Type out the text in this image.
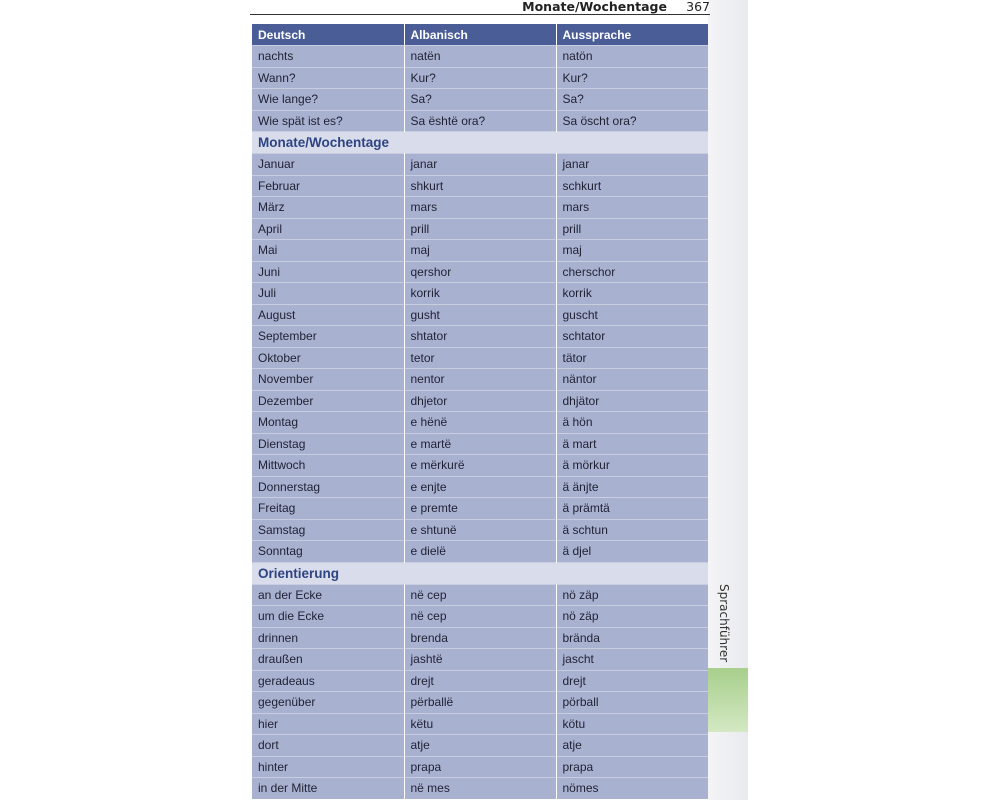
Monate/Wochentage 367
Sprachführer
Deutsch	Albanisch	Aussprache
nachts	natën	natön
Wann?	Kur?	Kur?
Wie lange?	Sa?	Sa?
Wie spät ist es?	Sa është ora?	Sa öscht ora?
Monate/Wochentage		
Januar	janar	janar
Februar	shkurt	schkurt
März	mars	mars
April	prill	prill
Mai	maj	maj
Juni	qershor	cherschor
Juli	korrik	korrik
August	gusht	guscht
September	shtator	schtator
Oktober	tetor	tätor
November	nentor	näntor
Dezember	dhjetor	dhjätor
Montag	e hënë	ä hön
Dienstag	e martë	ä mart
Mittwoch	e mërkurë	ä mörkur
Donnerstag	e enjte	ä änjte
Freitag	e premte	ä prämtä
Samstag	e shtunë	ä schtun
Sonntag	e dielë	ä djel
Orientierung		
an der Ecke	në cep	nö zäp
um die Ecke	në cep	nö zäp
drinnen	brenda	brända
draußen	jashtë	jascht
geradeaus	drejt	drejt
gegenüber	përballë	pörball
hier	këtu	kötu
dort	atje	atje
hinter	prapa	prapa
in der Mitte	në mes	nömes
